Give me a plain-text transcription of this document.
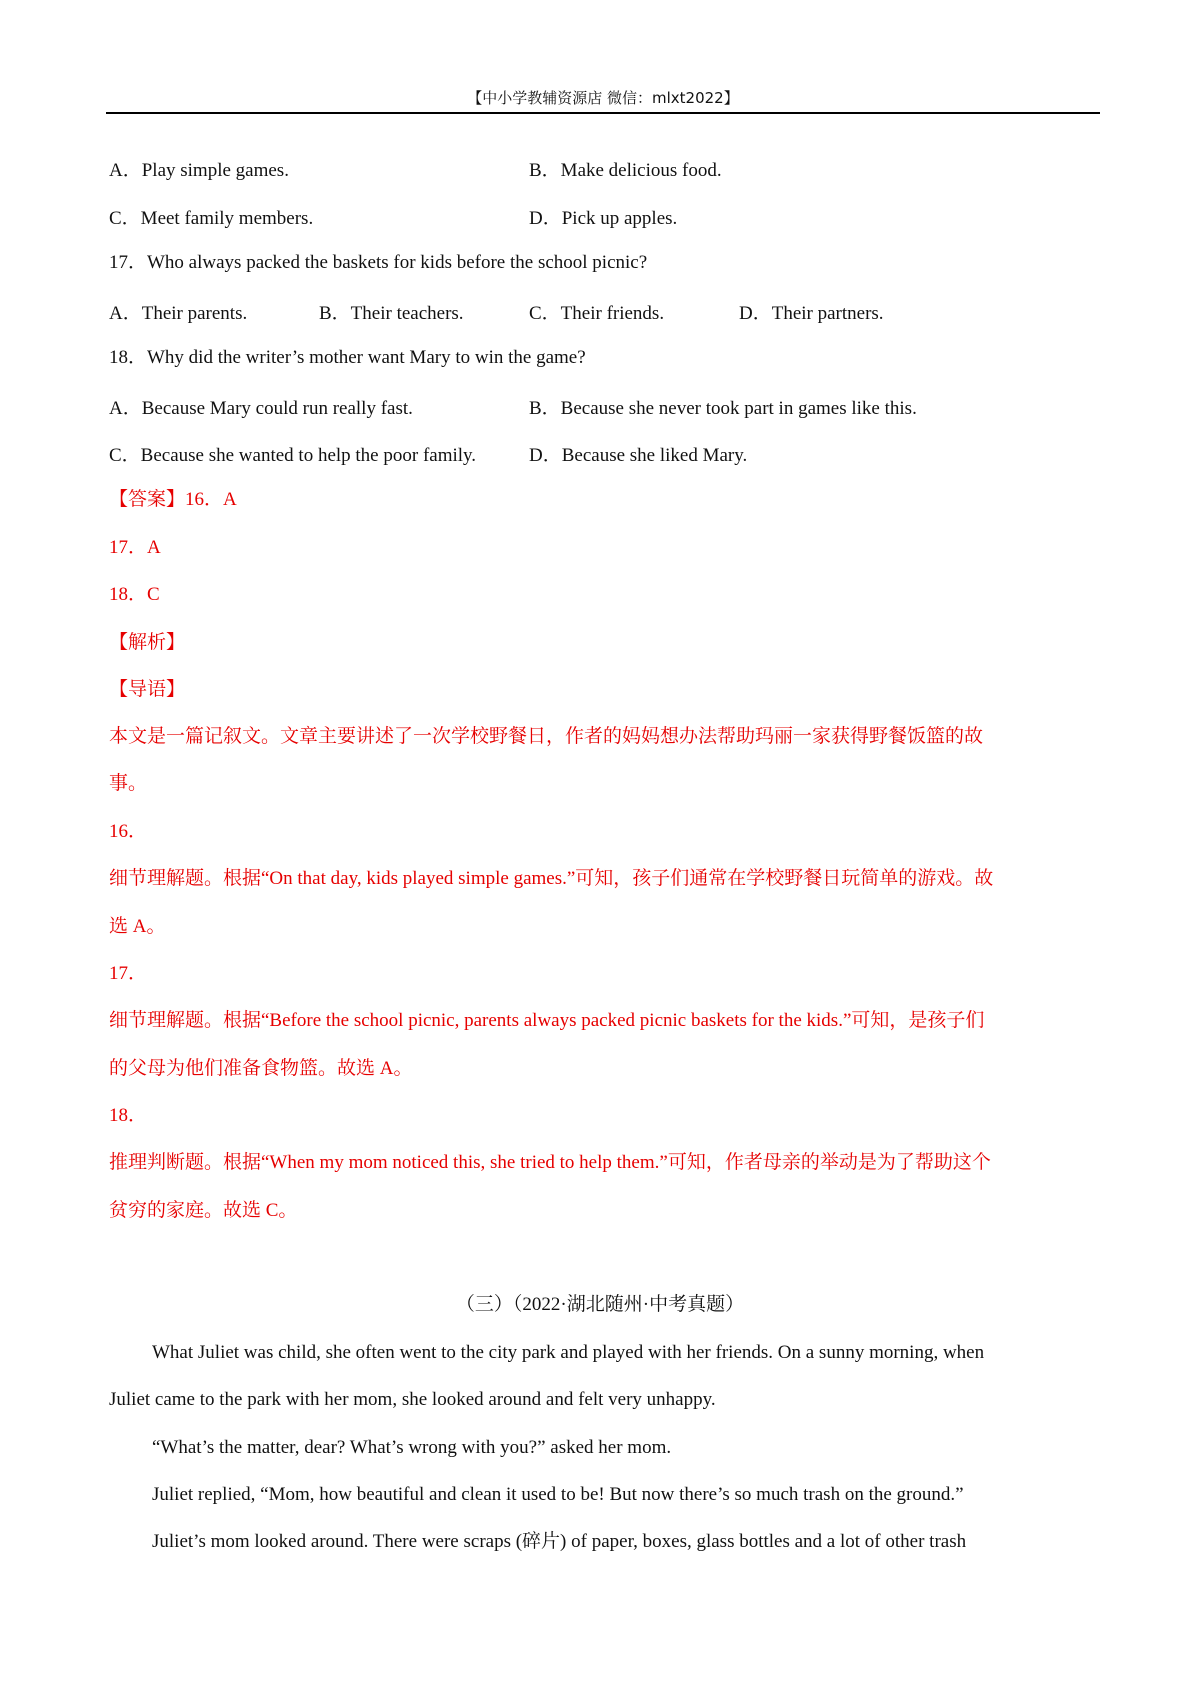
【中小学教辅资源店 微信：mlxt2022】
A．Play simple games.	B．Make delicious food.
C．Meet family members.	D．Pick up apples.
17．Who always packed the baskets for kids before the school picnic?
A．Their parents.	B．Their teachers.	C．Their friends.	D．Their partners.
18．Why did the writer’s mother want Mary to win the game?
A．Because Mary could run really fast.	B．Because she never took part in games like this.
C．Because she wanted to help the poor family.	D．Because she liked Mary.
【答案】16．A
17．A
18．C
【解析】
【导语】
本文是一篇记叙文。文章主要讲述了一次学校野餐日，作者的妈妈想办法帮助玛丽一家获得野餐饭篮的故
事。
16．
细节理解题。根据“On that day, kids played simple games.”可知，孩子们通常在学校野餐日玩简单的游戏。故
选 A。
17．
细节理解题。根据“Before the school picnic, parents always packed picnic baskets for the kids.”可知，是孩子们
的父母为他们准备食物篮。故选 A。
18．
推理判断题。根据“When my mom noticed this, she tried to help them.”可知，作者母亲的举动是为了帮助这个
贫穷的家庭。故选 C。
（三）（2022·湖北随州·中考真题）
What Juliet was child, she often went to the city park and played with her friends. On a sunny morning, when
Juliet came to the park with her mom, she looked around and felt very unhappy.
“What’s the matter, dear? What’s wrong with you?” asked her mom.
Juliet replied, “Mom, how beautiful and clean it used to be! But now there’s so much trash on the ground.”
Juliet’s mom looked around. There were scraps (碎片) of paper, boxes, glass bottles and a lot of other trash
